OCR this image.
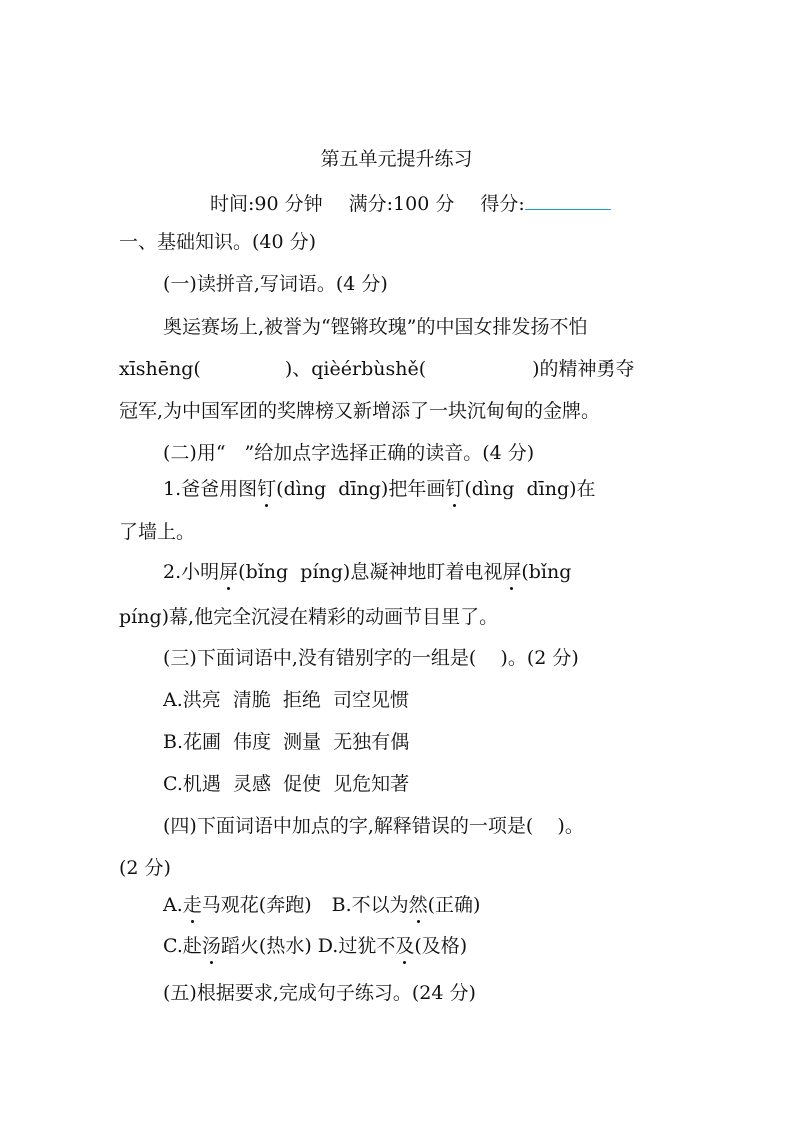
第五单元提升练习
时间:90 分钟 满分:100 分 得分:
一、基础知识。(40 分)
(一)读拼音,写词语。(4 分)
奥运赛场上,被誉为“铿锵玫瑰”的中国女排发扬不怕
xīshēng(	)、qièérbùshě(	)的精神勇夺
冠军,为中国军团的奖牌榜又新增添了一块沉甸甸的金牌。
(二)用“ ”给加点字选择正确的读音。(4 分)
1.爸爸用图钉(dìng  dīng)把年画钉(dìng  dīng)在
了墙上。
2.小明屏(bǐng  píng)息凝神地盯着电视屏(bǐng
píng)幕,他完全沉浸在精彩的动画节目里了。
(三)下面词语中,没有错别字的一组是(    )。(2 分)
A.洪亮  清脆  拒绝  司空见惯
B.花圃  伟度  测量  无独有偶
C.机遇  灵感  促使  见危知著
(四)下面词语中加点的字,解释错误的一项是(    )。
(2 分)
A.走马观花(奔跑) B.不以为然(正确)
C.赴汤蹈火(热水) D.过犹不及(及格)
(五)根据要求,完成句子练习。(24 分)
